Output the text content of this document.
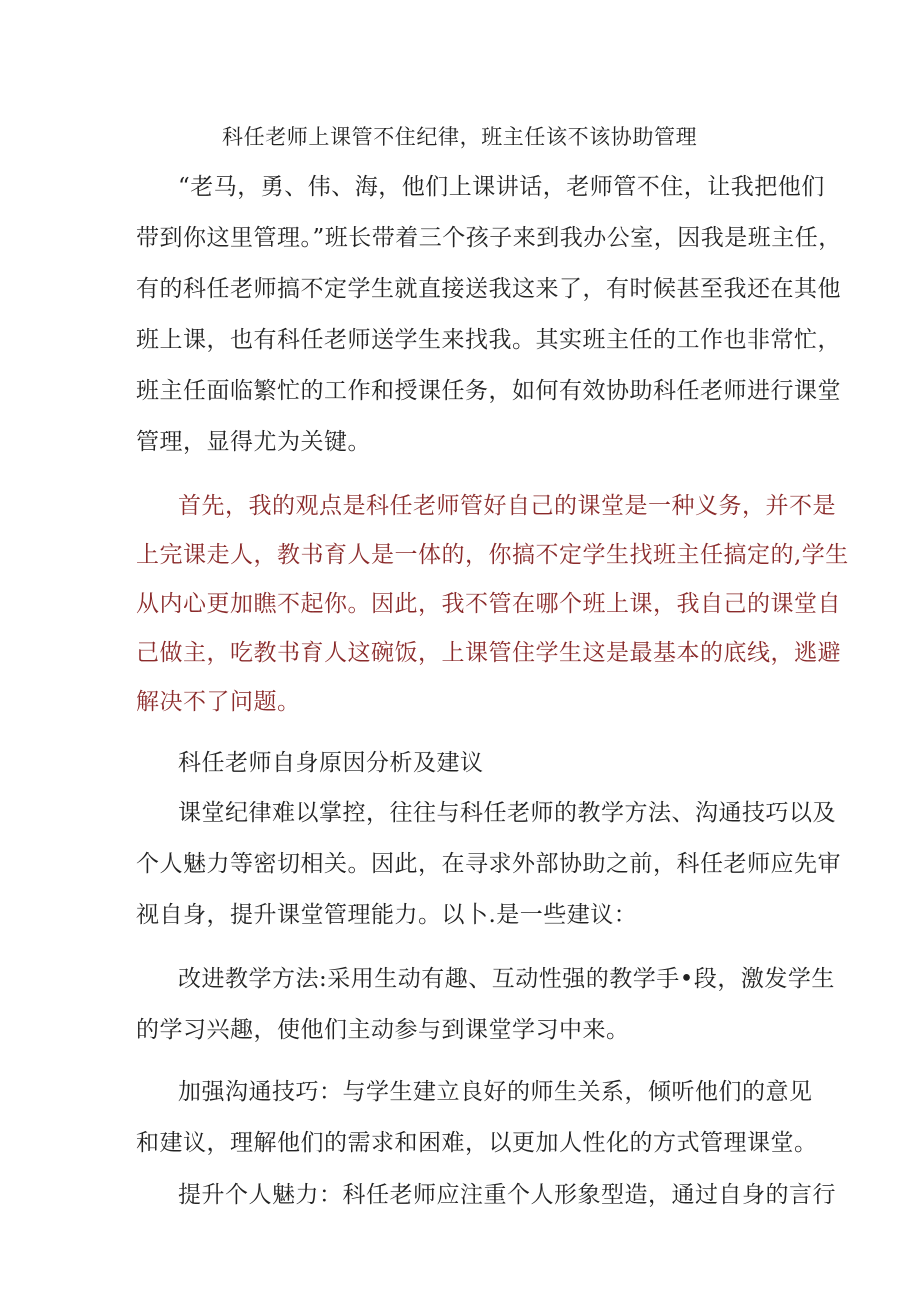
科任老师上课管不住纪律，班主任该不该协助管理
“老马，勇、伟、海，他们上课讲话，老师管不住，让我把他们
带到你这里管理。”班长带着三个孩子来到我办公室，因我是班主任，
有的科任老师搞不定学生就直接送我这来了，有时候甚至我还在其他
班上课，也有科任老师送学生来找我。其实班主任的工作也非常忙，
班主任面临繁忙的工作和授课任务，如何有效协助科任老师进行课堂
管理，显得尤为关键。
首先，我的观点是科任老师管好自己的课堂是一种义务，并不是
上完课走人，教书育人是一体的，你搞不定学生找班主任搞定的,学生
从内心更加瞧不起你。因此，我不管在哪个班上课，我自己的课堂自
己做主，吃教书育人这碗饭，上课管住学生这是最基本的底线，逃避
解决不了问题。
科任老师自身原因分析及建议
课堂纪律难以掌控，往往与科任老师的教学方法、沟通技巧以及
个人魅力等密切相关。因此，在寻求外部协助之前，科任老师应先审
视自身，提升课堂管理能力。以卜.是一些建议：
改进教学方法:采用生动有趣、互动性强的教学手•段，激发学生
的学习兴趣，使他们主动参与到课堂学习中来。
加强沟通技巧：与学生建立良好的师生关系，倾听他们的意见
和建议，理解他们的需求和困难，以更加人性化的方式管理课堂。
提升个人魅力：科任老师应注重个人形象型造，通过自身的言行
